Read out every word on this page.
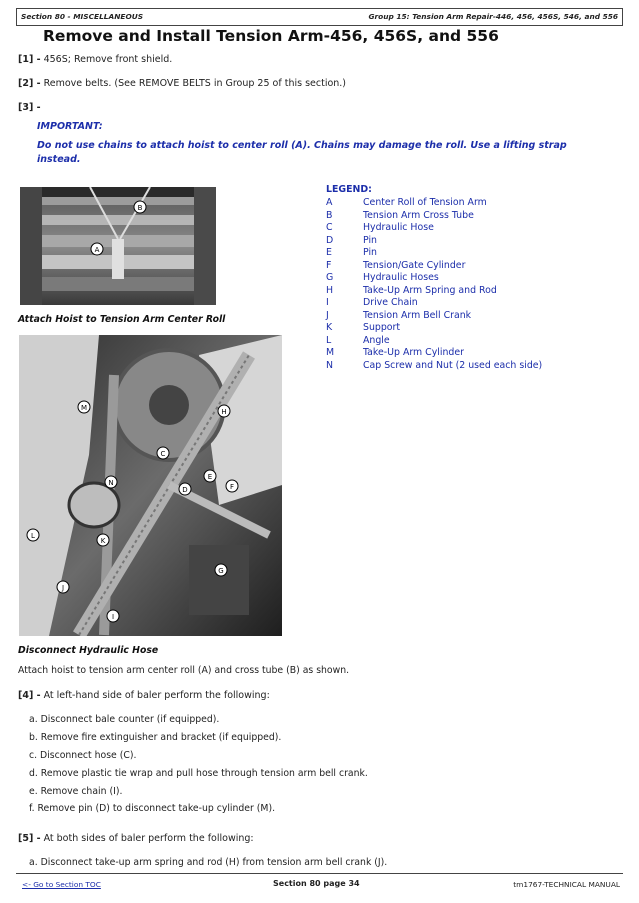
Section 80 - MISCELLANEOUS	Group 15: Tension Arm Repair-446, 456, 456S, 546, and 556
Remove and Install Tension Arm-456, 456S, and 556
[1] - 456S; Remove front shield.
[2] - Remove belts. (See REMOVE BELTS in Group 25 of this section.)
[3] -
IMPORTANT:
Do not use chains to attach hoist to center roll (A). Chains may damage the roll. Use a lifting strap
instead.
B
A
Attach Hoist to Tension Arm Center Roll
LEGEND:
A	Center Roll of Tension Arm
B	Tension Arm Cross Tube
C	Hydraulic Hose
D	Pin
E	Pin
F	Tension/Gate Cylinder
G	Hydraulic Hoses
H	Take-Up Arm Spring and Rod
I	Drive Chain
J	Tension Arm Bell Crank
K	Support
L	Angle
M	Take-Up Arm Cylinder
N	Cap Screw and Nut (2 used each side)
M	H
C
N
D
E
F
K
L
G
J
I
Disconnect Hydraulic Hose
Attach hoist to tension arm center roll (A) and cross tube (B) as shown.
[4] - At left-hand side of baler perform the following:
a. Disconnect bale counter (if equipped).
b. Remove fire extinguisher and bracket (if equipped).
c. Disconnect hose (C).
d. Remove plastic tie wrap and pull hose through tension arm bell crank.
e. Remove chain (I).
f. Remove pin (D) to disconnect take-up cylinder (M).
[5] - At both sides of baler perform the following:
a. Disconnect take-up arm spring and rod (H) from tension arm bell crank (J).
<- Go to Section TOC	Section 80 page 34	tm1767-TECHNICAL MANUAL
